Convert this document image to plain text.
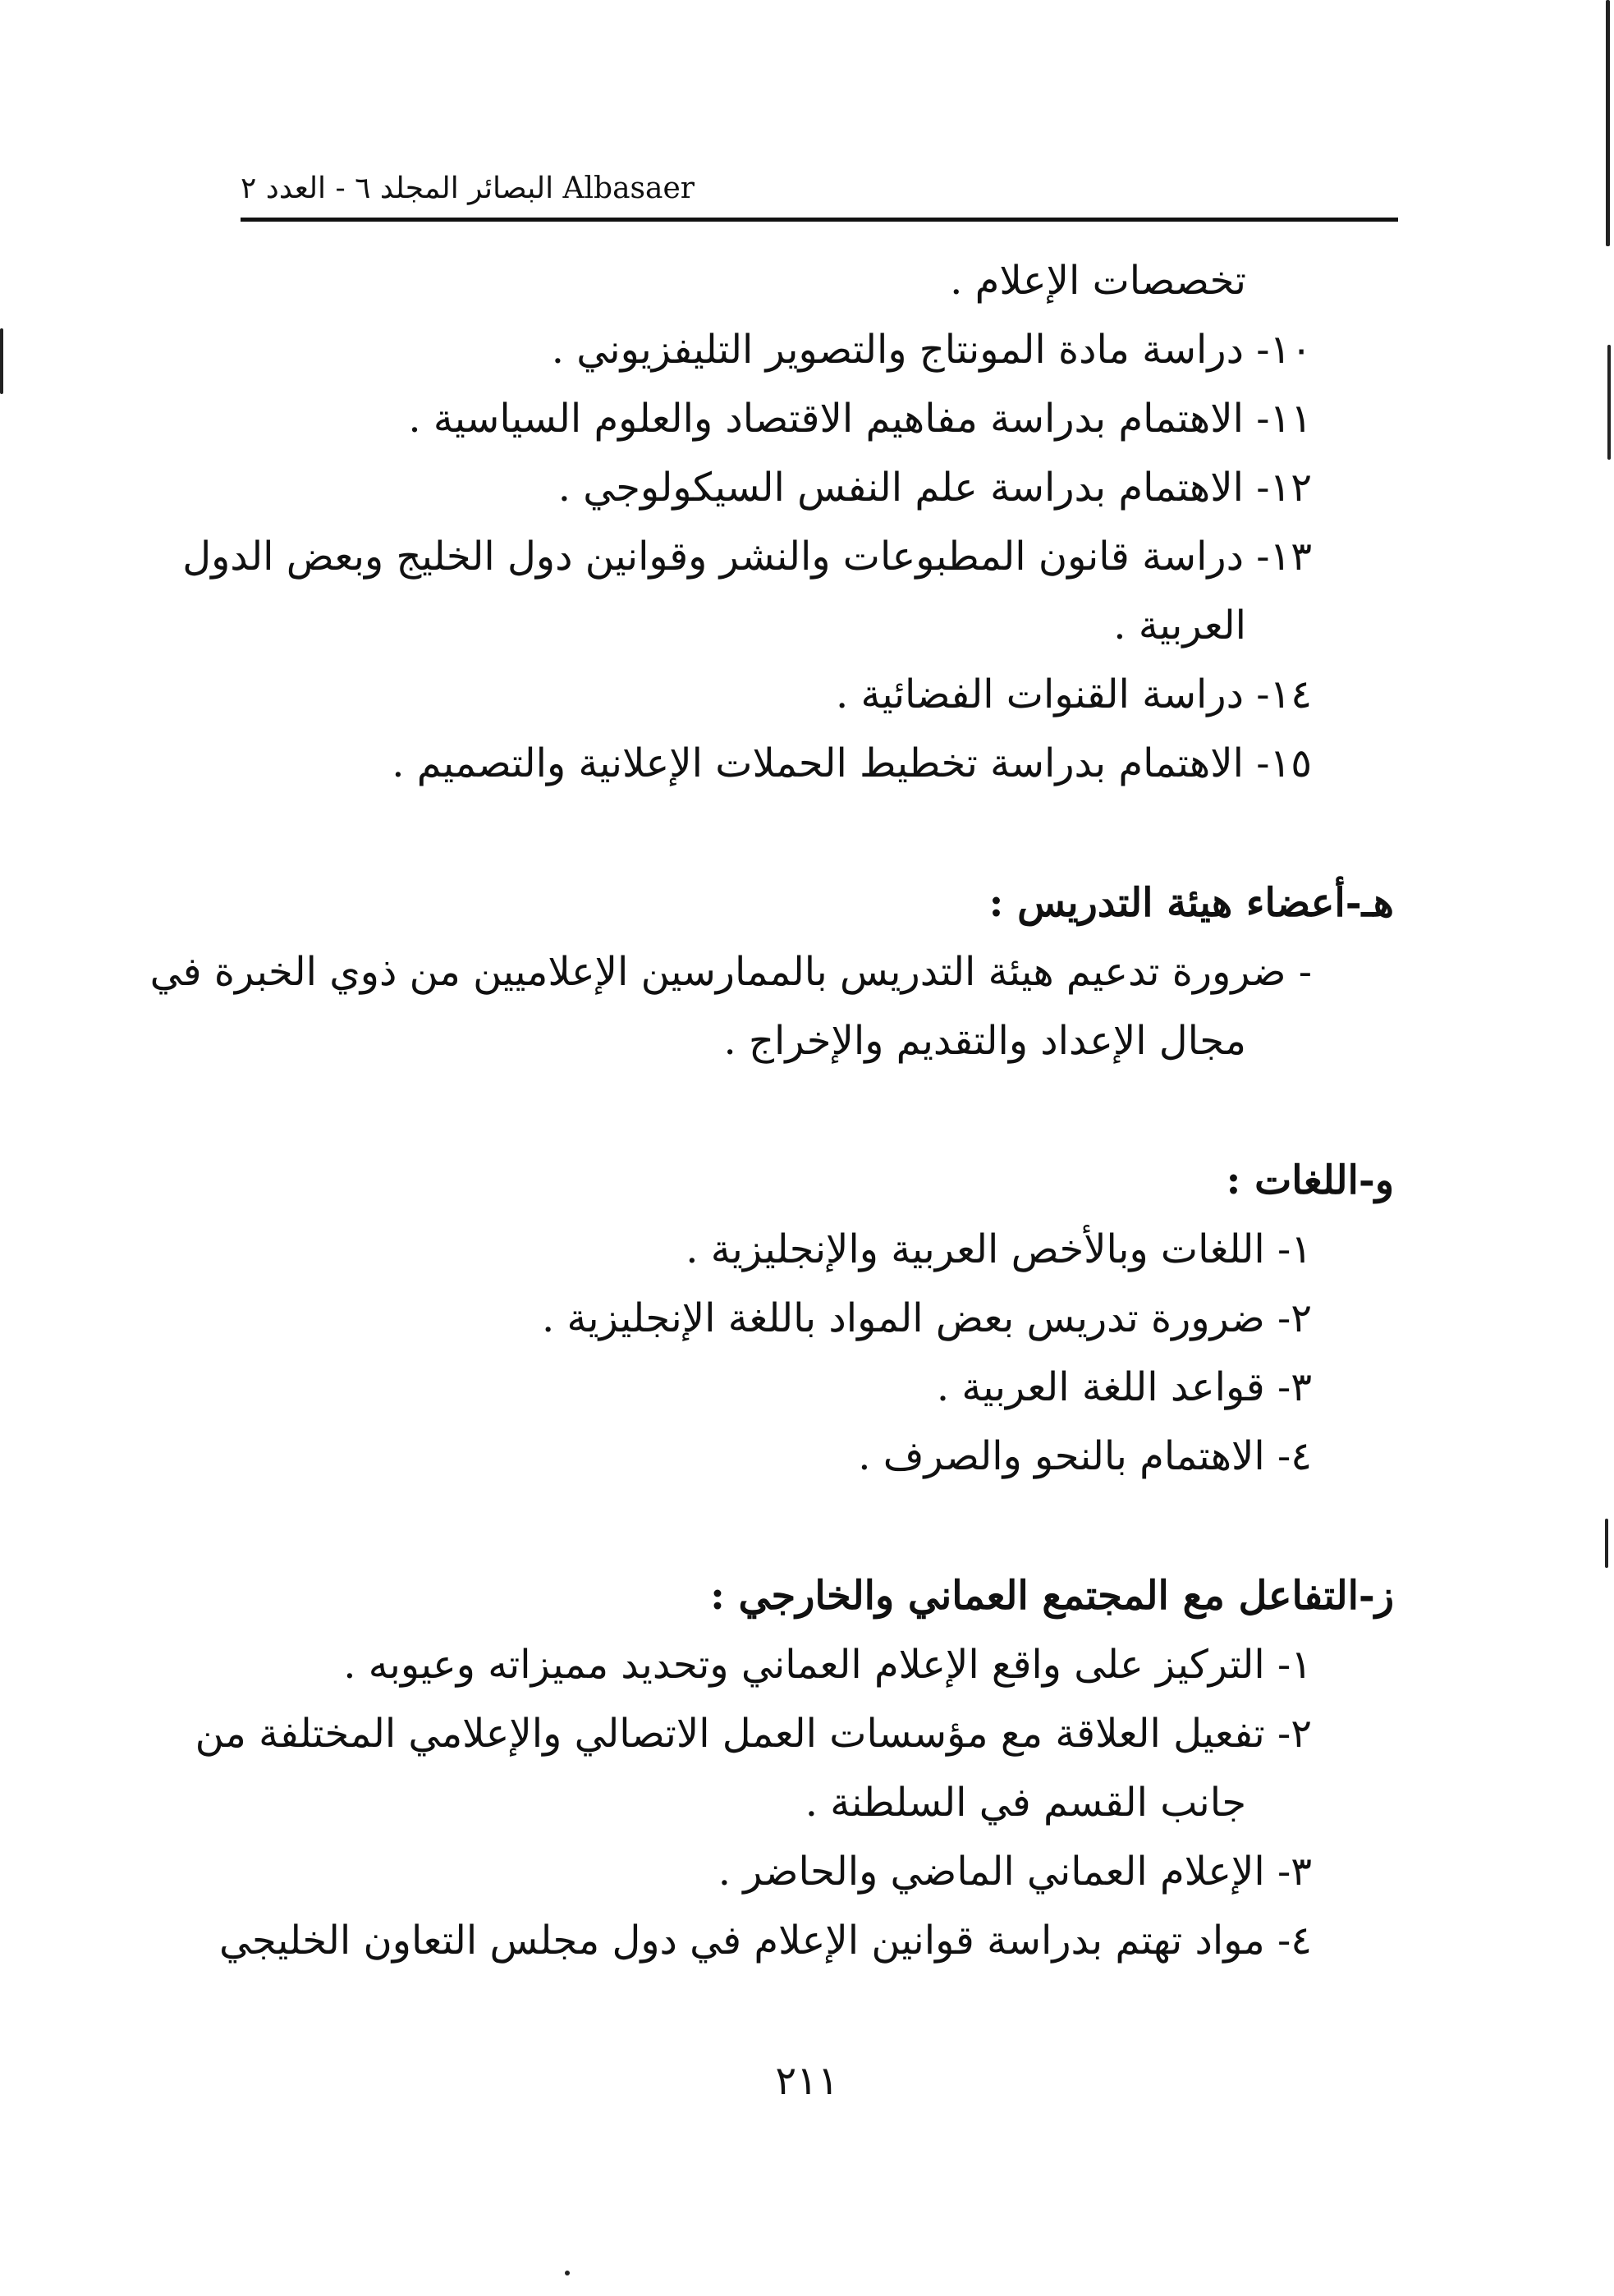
البصائر المجلد ٦ - العدد ٢ Albasaer
تخصصات الإعلام .
١٠- دراسة مادة المونتاج والتصوير التليفزيوني .
١١- الاهتمام بدراسة مفاهيم الاقتصاد والعلوم السياسية .
١٢- الاهتمام بدراسة علم النفس السيكولوجي .
١٣- دراسة قانون المطبوعات والنشر وقوانين دول الخليج وبعض الدول
العربية .
١٤- دراسة القنوات الفضائية .
١٥- الاهتمام بدراسة تخطيط الحملات الإعلانية والتصميم .
هـ-أعضاء هيئة التدريس :
- ضرورة تدعيم هيئة التدريس بالممارسين الإعلاميين من ذوي الخبرة في
مجال الإعداد والتقديم والإخراج .
و-اللغات :
١- اللغات وبالأخص العربية والإنجليزية .
٢- ضرورة تدريس بعض المواد باللغة الإنجليزية .
٣- قواعد اللغة العربية .
٤- الاهتمام بالنحو والصرف .
ز-التفاعل مع المجتمع العماني والخارجي :
١- التركيز على واقع الإعلام العماني وتحديد مميزاته وعيوبه .
٢- تفعيل العلاقة مع مؤسسات العمل الاتصالي والإعلامي المختلفة من
جانب القسم في السلطنة .
٣- الإعلام العماني الماضي والحاضر .
٤- مواد تهتم بدراسة قوانين الإعلام في دول مجلس التعاون الخليجي
٢١١
